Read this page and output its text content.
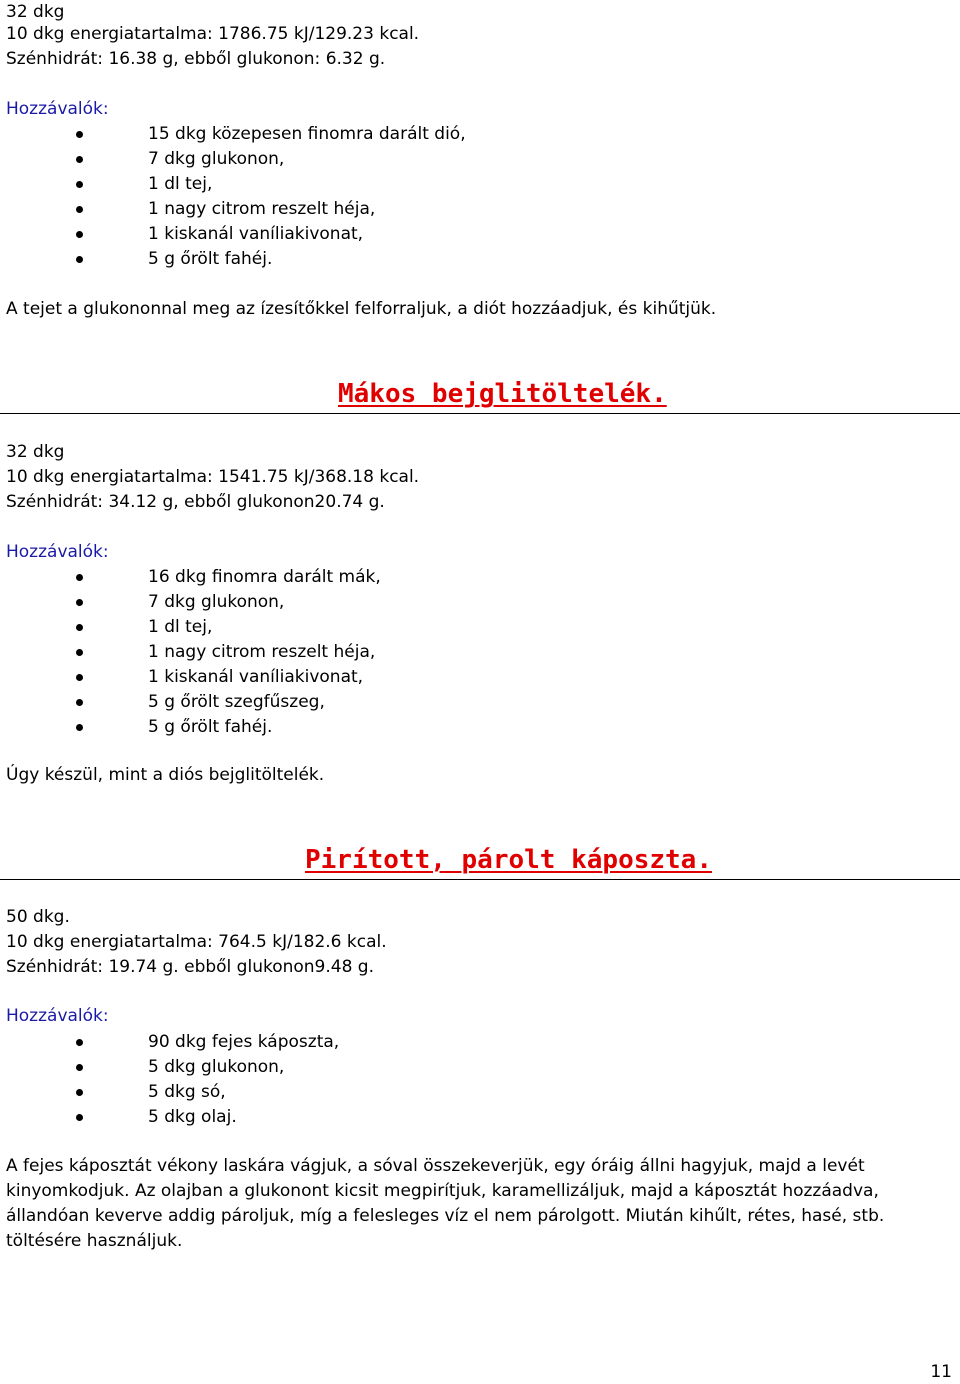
32 dkg
10 dkg energiatartalma: 1786.75 kJ/129.23 kcal.
Szénhidrát: 16.38 g, ebből glukonon: 6.32 g.
Hozzávalók:
15 dkg közepesen finomra darált dió,
7 dkg glukonon,
1 dl tej,
1 nagy citrom reszelt héja,
1 kiskanál vaníliakivonat,
5 g őrölt fahéj.
A tejet a glukononnal meg az ízesítőkkel felforraljuk, a diót hozzáadjuk, és kihűtjük.
Mákos bejglitöltelék.
32 dkg
10 dkg energiatartalma: 1541.75 kJ/368.18 kcal.
Szénhidrát: 34.12 g, ebből glukonon20.74 g.
Hozzávalók:
16 dkg finomra darált mák,
7 dkg glukonon,
1 dl tej,
1 nagy citrom reszelt héja,
1 kiskanál vaníliakivonat,
5 g őrölt szegfűszeg,
5 g őrölt fahéj.
Úgy készül, mint a diós bejglitöltelék.
Pirított, párolt káposzta.
50 dkg.
10 dkg energiatartalma: 764.5 kJ/182.6 kcal.
Szénhidrát: 19.74 g. ebből glukonon9.48 g.
Hozzávalók:
90 dkg fejes káposzta,
5 dkg glukonon,
5 dkg só,
5 dkg olaj.
A fejes káposztát vékony laskára vágjuk, a sóval összekeverjük, egy óráig állni hagyjuk, majd a levét kinyomkodjuk. Az olajban a glukonont kicsit megpirítjuk, karamellizáljuk, majd a káposztát hozzáadva, állandóan keverve addig pároljuk, míg a felesleges víz el nem párolgott. Miután kihűlt, rétes, hasé, stb. töltésére használjuk.
11
